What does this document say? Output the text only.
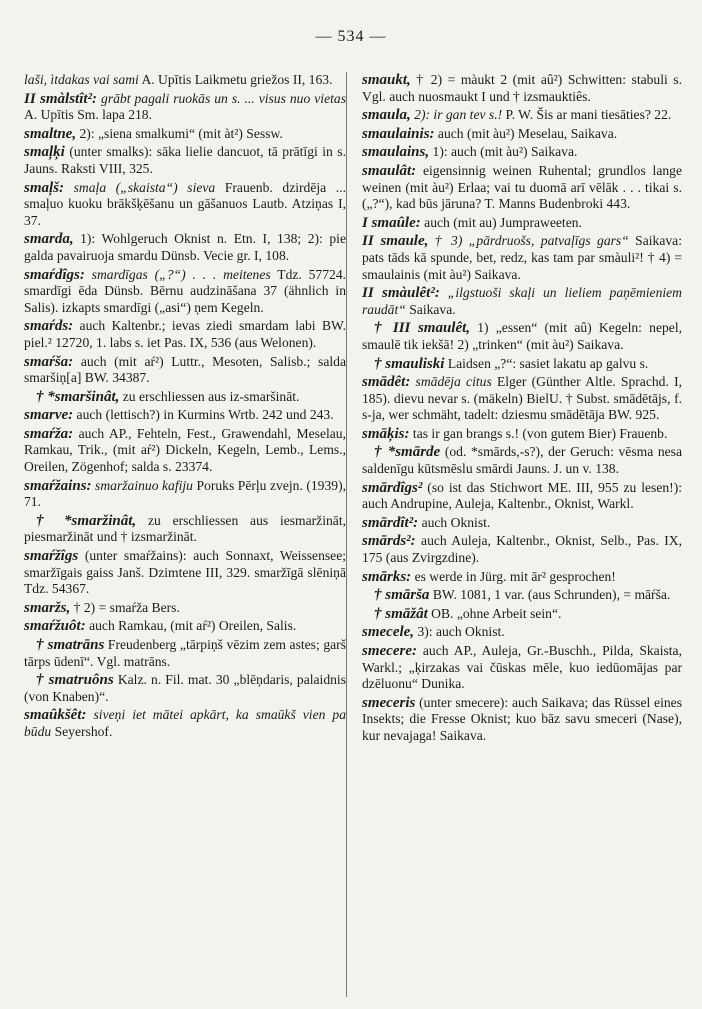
— 534 —

laši, ìtdakas vai sami A. Upītis Laikmetu griežos II, 163.

II smàlstît²: grābt pagali ruokās un s. ... visus nuo vietas A. Upītis Sm. lapa 218.

smaltne, 2): „siena smalkumi“ (mit àt²) Sessw.

smaļķi (unter smalks): sāka lielie dancuot, tā prātīgi in s. Jauns. Raksti VIII, 325.

smaļš: smaļa („skaista“) sieva Frauenb. dzirdēja ... smaļuo kuoku brākšķēšanu un gāšanuos Lautb. Atziņas I, 37.

smarda, 1): Wohlgeruch Oknist n. Etn. I, 138; 2): pie galda pavairuoja smardu Dünsb. Vecie gr. I, 108.

smaŕdîgs: smardīgas („?“) . . . meitenes Tdz. 57724. smardīgi ēda Dünsb. Bērnu audzināšana 37 (ähnlich in Salis). izkapts smardīgi („asi“) ņem Kegeln.

smaŕds: auch Kaltenbr.; ievas ziedi smardam labi BW. piel.² 12720, 1. labs s. iet Pas. IX, 536 (aus Welonen).

smaŕša: auch (mit aŕ²) Luttr., Mesoten, Salisb.; salda smaršiņ[a] BW. 34387.

† *smaršinât, zu erschliessen aus iz-smaršināt.

smarve: auch (lettisch?) in Kurmins Wrtb. 242 und 243.

smaŕža: auch AP., Fehteln, Fest., Grawendahl, Meselau, Ramkau, Trik., (mit aŕ²) Dickeln, Kegeln, Lemb., Lems., Oreilen, Zögenhof; salda s. 23374.

smaŕžains: smaržainuo kafiju Poruks Pērļu zvejn. (1939), 71.

† *smaržinât, zu erschliessen aus iesmaržināt, piesmaržināt und † izsmaržināt.

smaŕžîgs (unter smaŕžains): auch Sonnaxt, Weissensee; smaržīgais gaiss Janš. Dzimtene III, 329. smaržīgā slēniņā Tdz. 54367.

smaržs, † 2) = smaŕža Bers.

smaŕžuôt: auch Ramkau, (mit aŕ²) Oreilen, Salis.

† smatrāns Freudenberg „tārpiņš vēzim zem astes; garš tārps ūdenī“. Vgl. matrāns.

† smatruôns Kalz. n. Fil. mat. 30 „blēņdaris, palaidnis (von Knaben)“.

smaûkšêt: siveņi iet mātei apkārt, ka smaūkš vien pa būdu Seyershof.

smaukt, † 2) = màukt 2 (mit aû²) Schwitten: stabuli s. Vgl. auch nuosmaukt I und † izsmauktiês.

smaula, 2): ir gan tev s.! P. W. Šis ar mani tiesāties? 22.

smaulainis: auch (mit àu²) Meselau, Saikava.

smaulains, 1): auch (mit àu²) Saikava.

smaulât: eigensinnig weinen Ruhental; grundlos lange weinen (mit àu²) Erlaa; vai tu duomā arī vēlāk . . . tikai s. („?“), kad būs jāruna? T. Manns Budenbroki 443.

I smaûle: auch (mit au) Jumpraweeten.

II smaule, † 3) „pārdruošs, patvaļīgs gars“ Saikava: pats tāds kā spunde, bet, redz, kas tam par smàuli²! † 4) = smaulainis (mit àu²) Saikava.

II smàulêt²: „ilgstuoši skaļi un lieliem paņēmieniem raudāt“ Saikava.

† III smaulêt, 1) „essen“ (mit aû) Kegeln: nepel, smaulē tik iekšā! 2) „trinken“ (mit àu²) Saikava.

† smauliski Laidsen „?“: sasiet lakatu ap galvu s.

smādêt: smādēja citus Elger (Günther Altle. Sprachd. I, 185). dievu nevar s. (mäkeln) BielU. † Subst. smādētājs, f. s-ja, wer schmäht, tadelt: dziesmu smādētāja BW. 925.

smāķis: tas ir gan brangs s.! (von gutem Bier) Frauenb.

† *smārde (od. *smārds,-s?), der Geruch: vēsma nesa saldenīgu kūtsmēslu smārdi Jauns. J. un v. 138.

smārdîgs² (so ist das Stichwort ME. III, 955 zu lesen!): auch Andrupine, Auleja, Kaltenbr., Oknist, Warkl.

smārdît²: auch Oknist.

smārds²: auch Auleja, Kaltenbr., Oknist, Selb., Pas. IX, 175 (aus Zvirgzdine).

smārks: es werde in Jürg. mit ār² gesprochen!

† smārša BW. 1081, 1 var. (aus Schrunden), = māŕša.

† smāžât OB. „ohne Arbeit sein“.

smecele, 3): auch Oknist.

smecere: auch AP., Auleja, Gr.-Buschh., Pilda, Skaista, Warkl.; „ķirzakas vai čūskas mēle, kuo iedūomājas par dzēluonu“ Dunika.

smeceris (unter smecere): auch Saikava; das Rüssel eines Insekts; die Fresse Oknist; kuo bāz savu smeceri (Nase), kur nevajaga! Saikava.
